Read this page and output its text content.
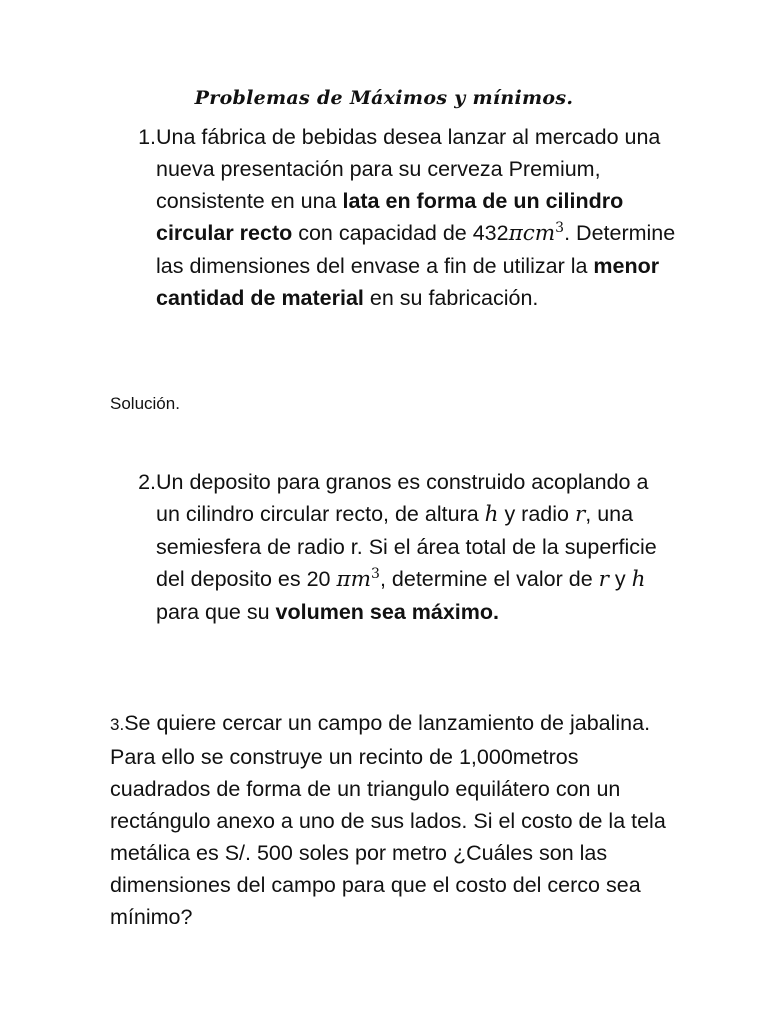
Problemas de Máximos y mínimos.
1. Una fábrica de bebidas desea lanzar al mercado una nueva presentación para su cerveza Premium, consistente en una lata en forma de un cilindro circular recto con capacidad de 432πcm$^3$. Determine las dimensiones del envase a fin de utilizar la menor cantidad de material en su fabricación.
Solución.
2. Un deposito para granos es construido acoplando a un cilindro circular recto, de altura h y radio r, una semiesfera de radio r. Si el área total de la superficie del deposito es 20 $\pi m^3$, determine el valor de r y h para que su volumen sea máximo.
3.Se quiere cercar un campo de lanzamiento de jabalina. Para ello se construye un recinto de 1,000metros cuadrados de forma de un triangulo equilátero con un rectángulo anexo a uno de sus lados. Si el costo de la tela metálica es S/. 500 soles por metro ¿Cuáles son las dimensiones del campo para que el costo del cerco sea mínimo?
